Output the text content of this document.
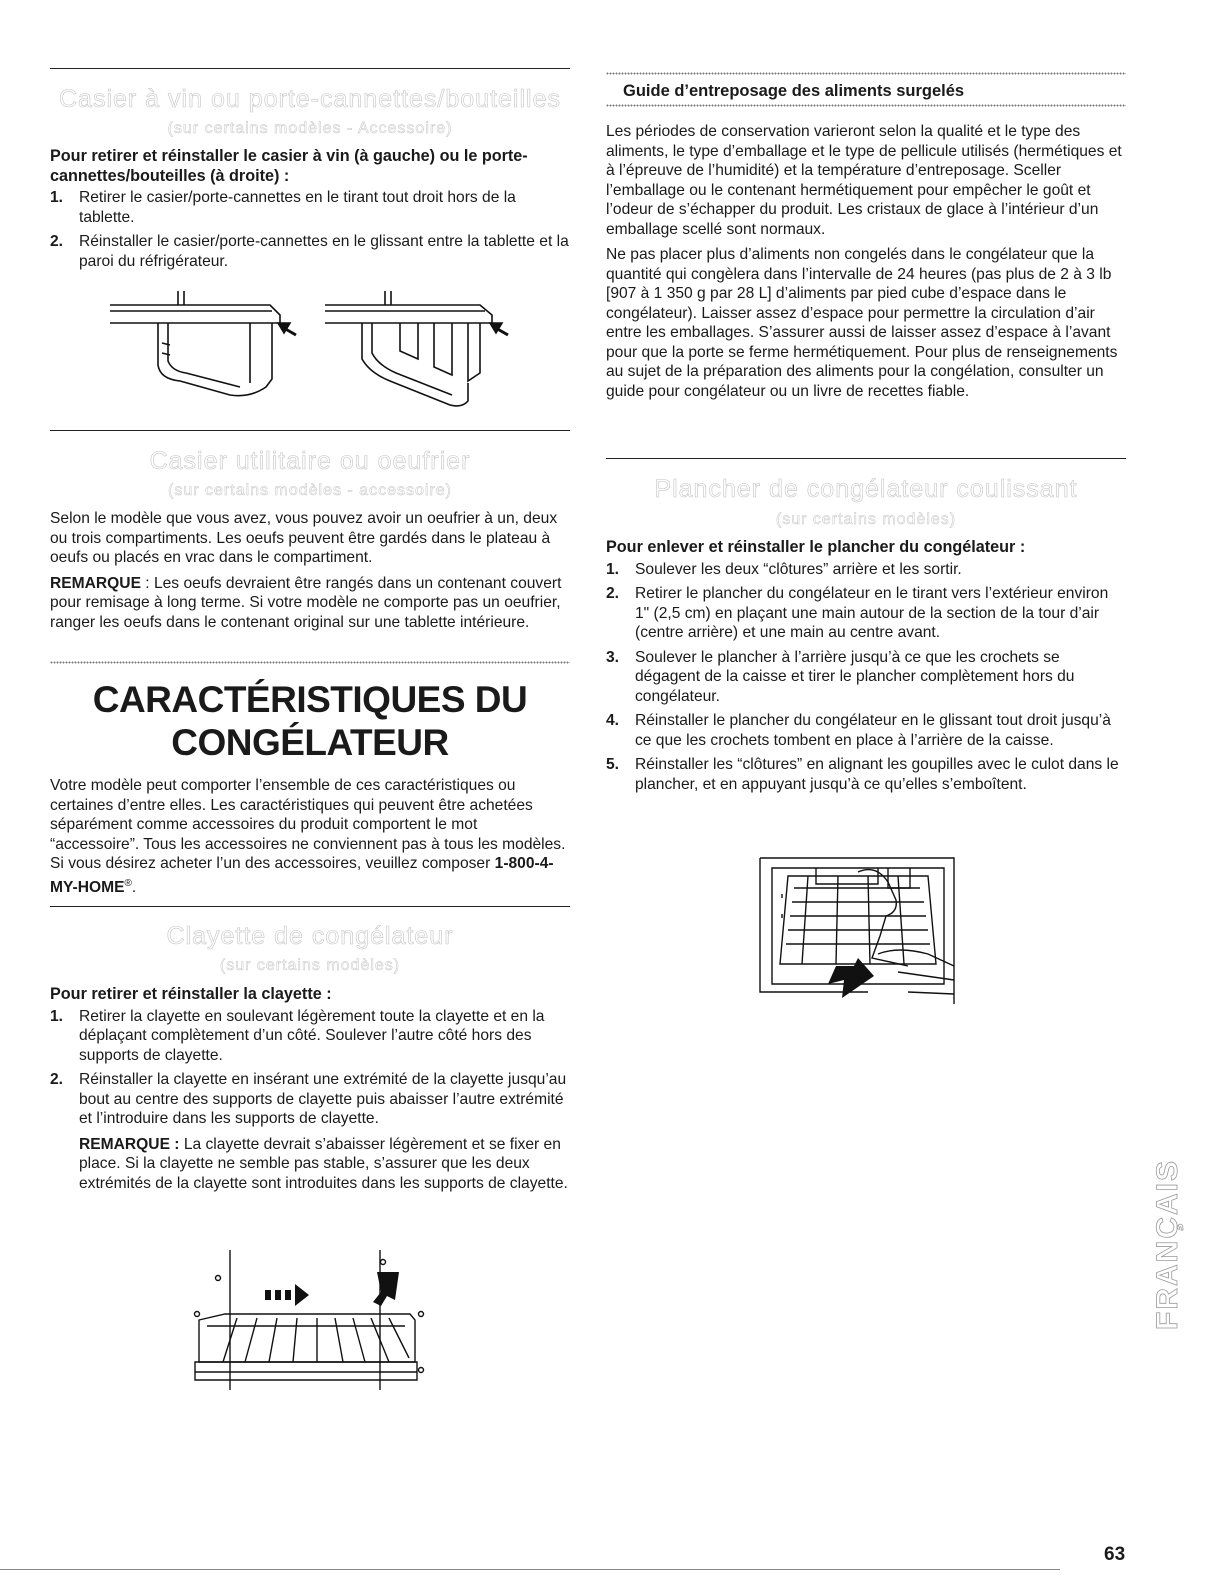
Casier à vin ou porte-cannettes/bouteilles
(sur certains modèles - Accessoire)
Pour retirer et réinstaller le casier à vin (à gauche) ou le porte-cannettes/bouteilles (à droite) :
1. Retirer le casier/porte-cannettes en le tirant tout droit hors de la tablette.
2. Réinstaller le casier/porte-cannettes en le glissant entre la tablette et la paroi du réfrigérateur.
Casier utilitaire ou oeufrier
(sur certains modèles - accessoire)

Selon le modèle que vous avez, vous pouvez avoir un oeufrier à un, deux ou trois compartiments. Les oeufs peuvent être gardés dans le plateau à oeufs ou placés en vrac dans le compartiment.

REMARQUE : Les oeufs devraient être rangés dans un contenant couvert pour remisage à long terme. Si votre modèle ne comporte pas un oeufrier, ranger les oeufs dans le contenant original sur une tablette intérieure.

CARACTÉRISTIQUES DU
CONGÉLATEUR

Votre modèle peut comporter l’ensemble de ces caractéristiques ou certaines d’entre elles. Les caractéristiques qui peuvent être achetées séparément comme accessoires du produit comportent le mot “accessoire”. Tous les accessoires ne conviennent pas à tous les modèles. Si vous désirez acheter l’un des accessoires, veuillez composer 1-800-4-MY-HOME®.

Clayette de congélateur
(sur certains modèles)
Pour retirer et réinstaller la clayette :
1. Retirer la clayette en soulevant légèrement toute la clayette et en la déplaçant complètement d’un côté. Soulever l’autre côté hors des supports de clayette.
2. Réinstaller la clayette en insérant une extrémité de la clayette jusqu’au bout au centre des supports de clayette puis abaisser l’autre extrémité et l’introduire dans les supports de clayette.

REMARQUE : La clayette devrait s’abaisser légèrement et se fixer en place. Si la clayette ne semble pas stable, s’assurer que les deux extrémités de la clayette sont introduites dans les supports de clayette.

Guide d’entreposage des aliments surgelés

Les périodes de conservation varieront selon la qualité et le type des aliments, le type d’emballage et le type de pellicule utilisés (hermétiques et à l’épreuve de l’humidité) et la température d’entreposage. Sceller l’emballage ou le contenant hermétiquement pour empêcher le goût et l’odeur de s’échapper du produit. Les cristaux de glace à l’intérieur d’un emballage scellé sont normaux.

Ne pas placer plus d’aliments non congelés dans le congélateur que la quantité qui congèlera dans l’intervalle de 24 heures (pas plus de 2 à 3 lb [907 à 1 350 g par 28 L] d’aliments par pied cube d’espace dans le congélateur). Laisser assez d’espace pour permettre la circulation d’air entre les emballages. S’assurer aussi de laisser assez d’espace à l’avant pour que la porte se ferme hermétiquement. Pour plus de renseignements au sujet de la préparation des aliments pour la congélation, consulter un guide pour congélateur ou un livre de recettes fiable.

Plancher de congélateur coulissant
(sur certains modèles)
Pour enlever et réinstaller le plancher du congélateur :
1. Soulever les deux “clôtures” arrière et les sortir.
2. Retirer le plancher du congélateur en le tirant vers l’extérieur environ 1" (2,5 cm) en plaçant une main autour de la section de la tour d’air (centre arrière) et une main au centre avant.
3. Soulever le plancher à l’arrière jusqu’à ce que les crochets se dégagent de la caisse et tirer le plancher complètement hors du congélateur.
4. Réinstaller le plancher du congélateur en le glissant tout droit jusqu’à ce que les crochets tombent en place à l’arrière de la caisse.
5. Réinstaller les “clôtures” en alignant les goupilles avec le culot dans le plancher, et en appuyant jusqu’à ce qu’elles s’emboîtent.
FRANÇAIS
63
